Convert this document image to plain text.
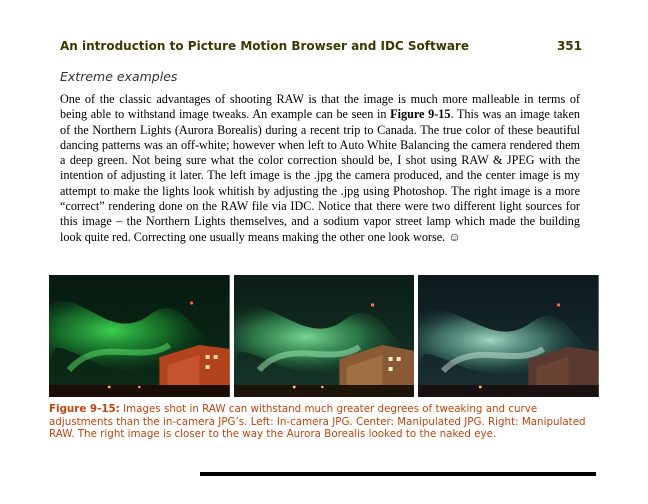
An introduction to Picture Motion Browser and IDC Software	351
Extreme examples

One of the classic advantages of shooting RAW is that the image is much more malleable in terms of being able to withstand image tweaks. An example can be seen in Figure 9-15. This was an image taken of the Northern Lights (Aurora Borealis) during a recent trip to Canada. The true color of these beautiful dancing patterns was an off-white; however when left to Auto White Balancing the camera rendered them a deep green. Not being sure what the color correction should be, I shot using RAW & JPEG with the intention of adjusting it later. The left image is the .jpg the camera produced, and the center image is my attempt to make the lights look whitish by adjusting the .jpg using Photoshop. The right image is a more “correct” rendering done on the RAW file via IDC. Notice that there were two different light sources for this image – the Northern Lights themselves, and a sodium vapor street lamp which made the building look quite red. Correcting one usually means making the other one look worse. ☺

Figure 9-15: Images shot in RAW can withstand much greater degrees of tweaking and curve adjustments than the in-camera JPG’s. Left: In-camera JPG. Center: Manipulated JPG. Right: Manipulated RAW. The right image is closer to the way the Aurora Borealis looked to the naked eye.
